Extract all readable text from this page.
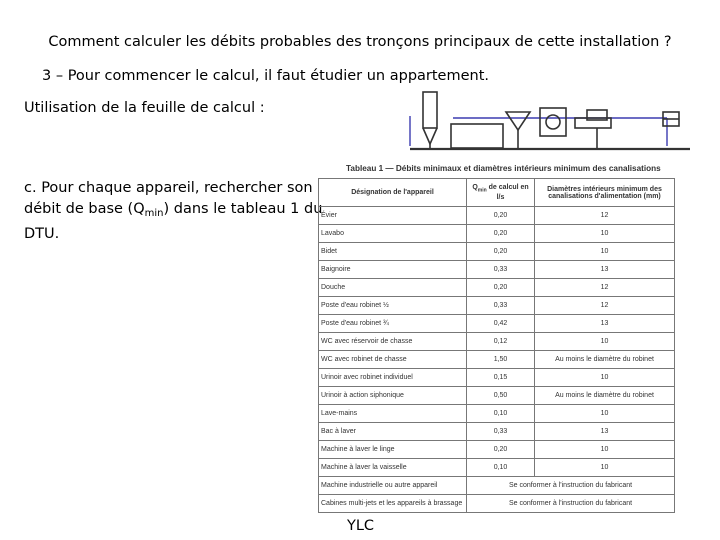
Comment calculer les débits probables des tronçons principaux de cette installation ?
3 – Pour commencer le calcul, il faut étudier un appartement.
Utilisation de la feuille de calcul :
c. Pour chaque appareil, rechercher son débit de base $(Q_{min})$ dans le tableau 1 du DTU.
Tableau 1 — Débits minimaux et diamètres intérieurs minimum des canalisations
Désignation de l'appareil	$Q_{min}$ de calcul en l/s	Diamètres intérieurs minimum des canalisations d'alimentation (mm)
Évier	0,20	12
Lavabo	0,20	10
Bidet	0,20	10
Baignoire	0,33	13
Douche	0,20	12
Poste d'eau robinet ½	0,33	12
Poste d'eau robinet ¾	0,42	13
WC avec réservoir de chasse	0,12	10
WC avec robinet de chasse	1,50	Au moins le diamètre du robinet
Urinoir avec robinet individuel	0,15	10
Urinoir à action siphonique	0,50	Au moins le diamètre du robinet
Lave-mains	0,10	10
Bac à laver	0,33	13
Machine à laver le linge	0,20	10
Machine à laver la vaisselle	0,10	10
Machine industrielle ou autre appareil	Se conformer à l'instruction du fabricant	
Cabines multi-jets et les appareils à brassage	Se conformer à l'instruction du fabricant	
YLC
